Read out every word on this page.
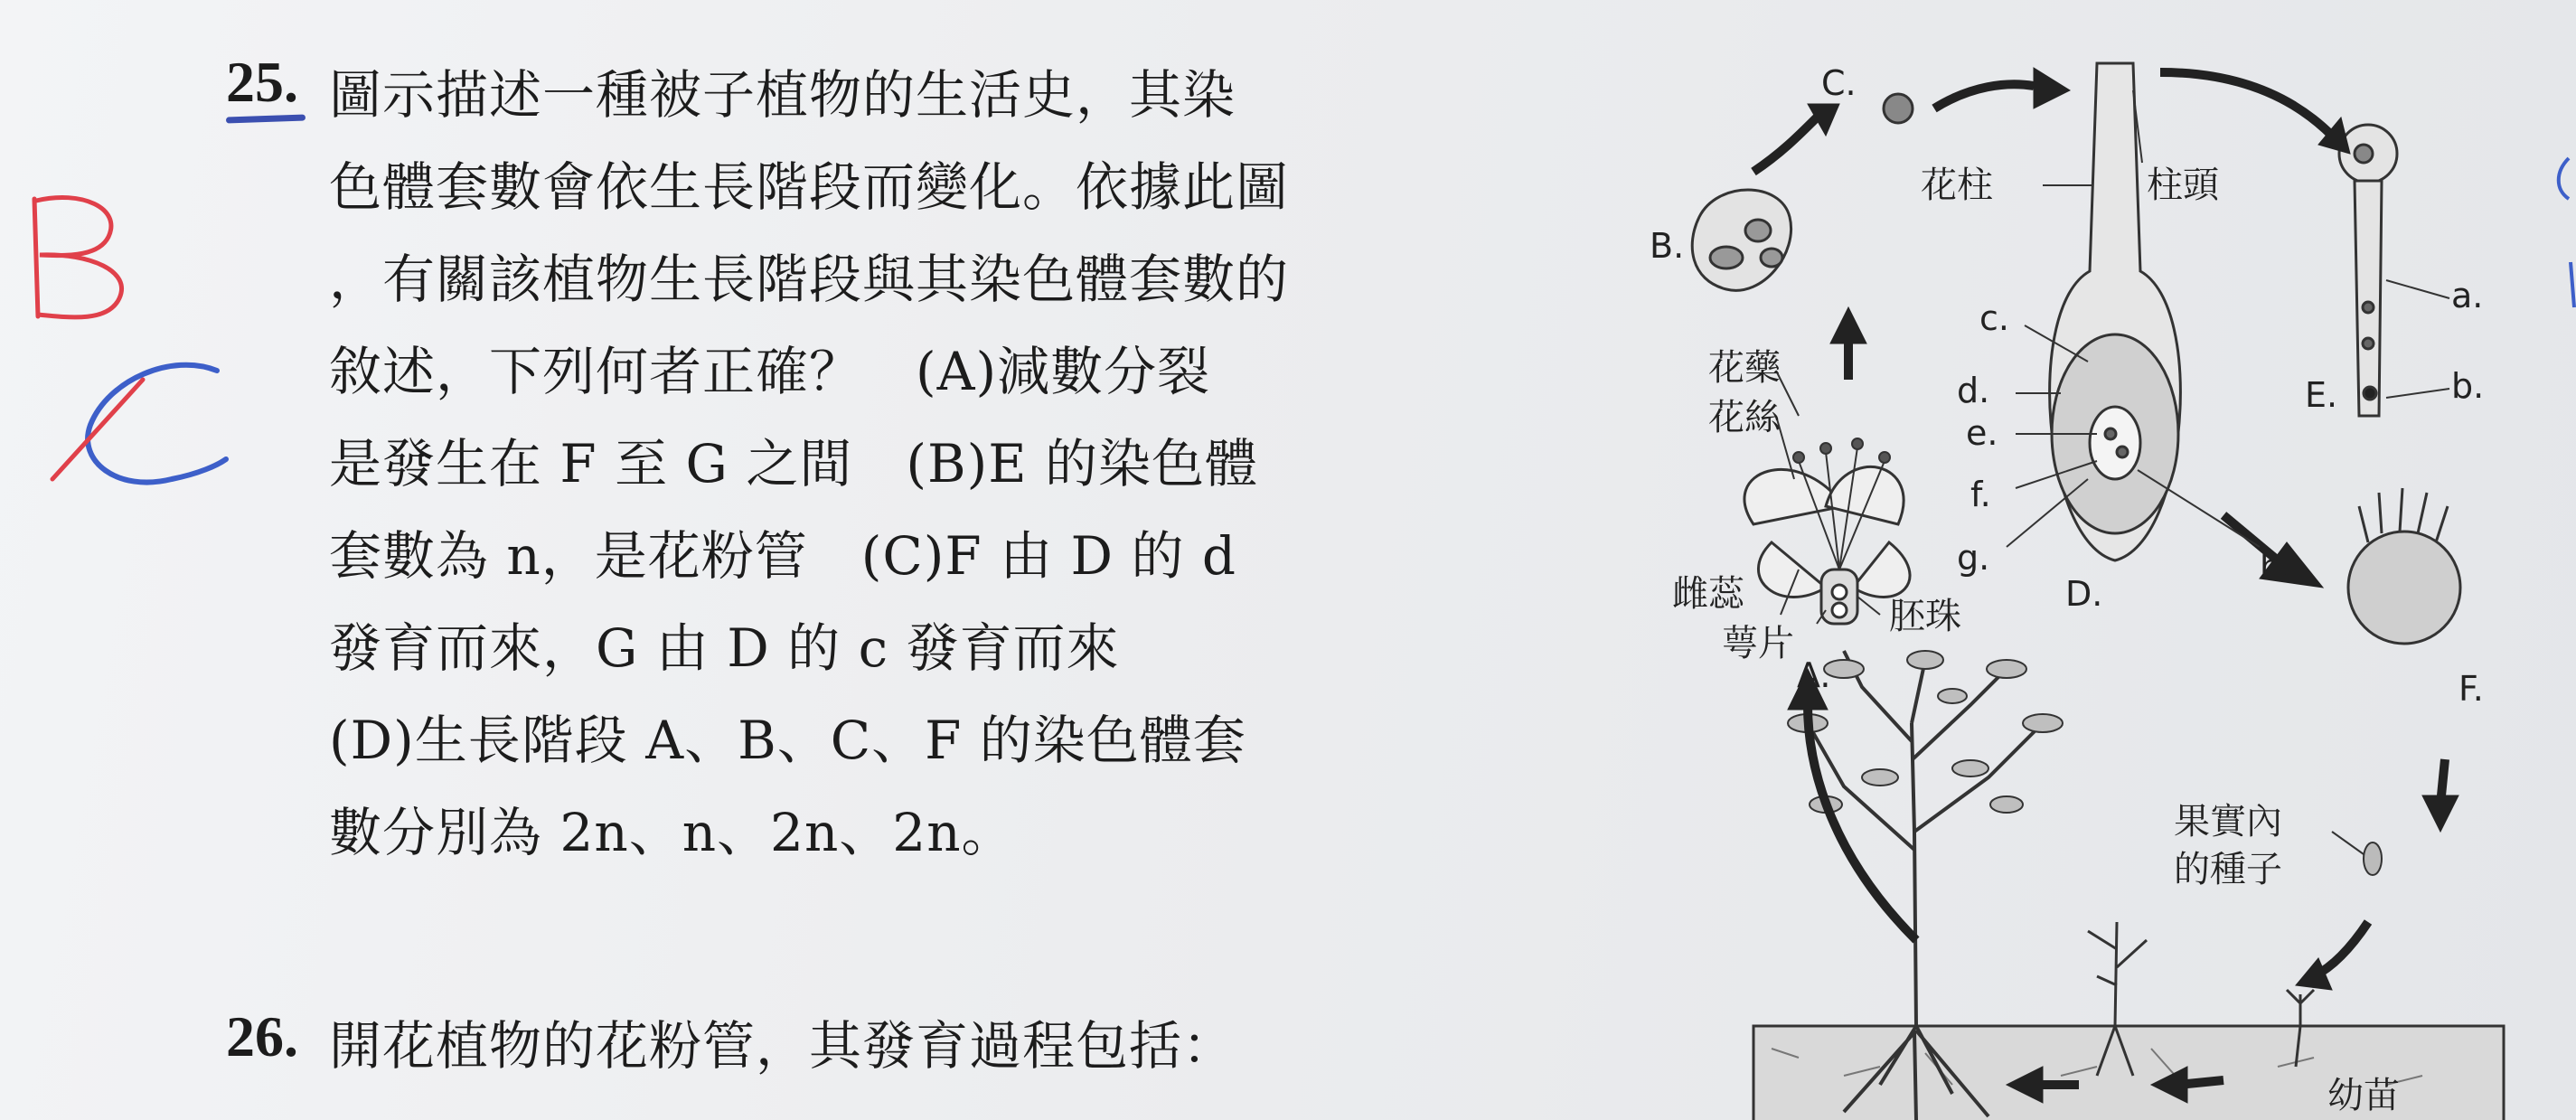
25. 圖示描述一種被子植物的生活史，其染
色體套數會依生長階段而變化。依據此圖
，有關該植物生長階段與其染色體套數的
敘述，下列何者正確？　(A)減數分裂
是發生在 F 至 G 之間　(B)E 的染色體
套數為 n，是花粉管　(C)F 由 D 的 d
發育而來，G 由 D 的 c 發育而來
(D)生長階段 A、B、C、F 的染色體套
數分別為 2n、n、2n、2n。
26. 開花植物的花粉管，其發育過程包括：
A.
B.
C.
D.
E.
F.
a.
b.
c.
d.
e.
f.
g.	h.
花藥
花絲
雌蕊
萼片
胚珠
花柱	柱頭
果實內
的種子
幼苗
